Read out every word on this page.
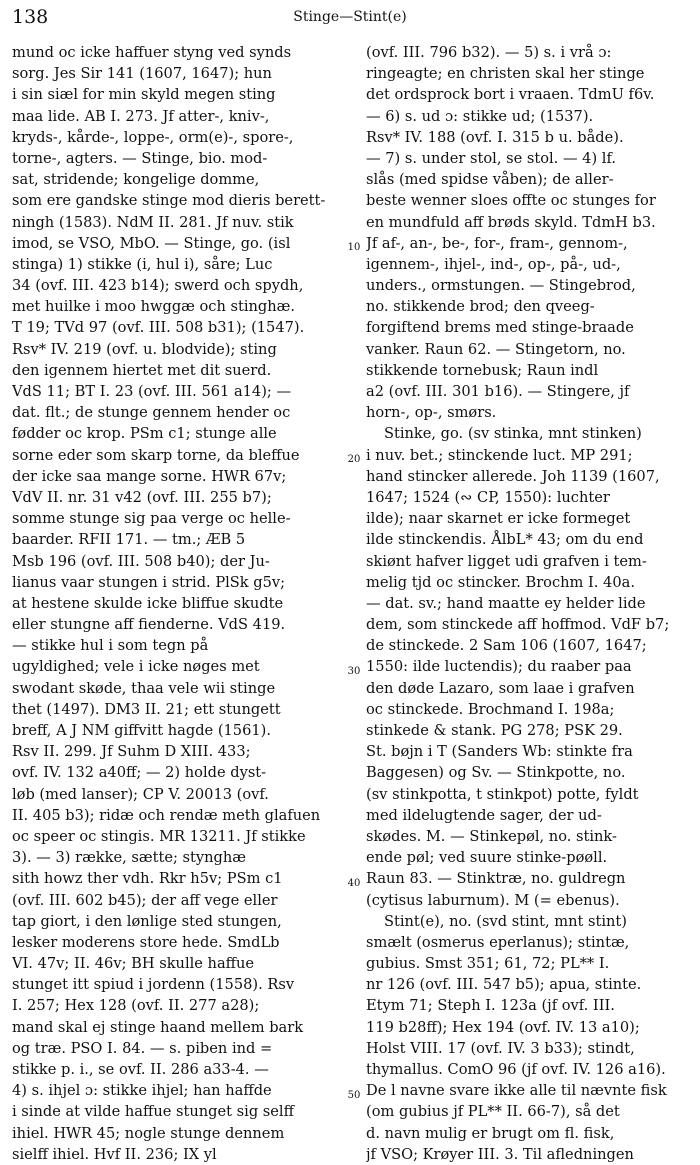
138	Stinge—Stint(e)
mund oc icke haffuer styng ved synds
sorg. Jes Sir 141 (1607, 1647); hun
i sin siæl for min skyld megen sting
maa lide. AB I. 273. Jf atter-, kniv-,
kryds-, kårde-, loppe-, orm(e)-, spore-,
torne-, agters. — Stinge, bio. mod-
sat, stridende; kongelige domme,
som ere gandske stinge mod dieris berett-
ningh (1583). NdM II. 281. Jf nuv. stik
imod, se VSO, MbO. — Stinge, go. (isl
stinga) 1) stikke (i, hul i), såre; Luc
34 (ovf. III. 423 b14); swerd och spydh,
met huilke i moo hwggæ och stinghæ.
T 19; TVd 97 (ovf. III. 508 b31); (1547).
Rsv* IV. 219 (ovf. u. blodvide); sting
den igennem hiertet met dit suerd.
VdS 11; BT I. 23 (ovf. III. 561 a14); —
dat. flt.; de stunge gennem hender oc
fødder oc krop. PSm c1; stunge alle
sorne eder som skarp torne, da bleffue
der icke saa mange sorne. HWR 67v;
VdV II. nr. 31 v42 (ovf. III. 255 b7);
somme stunge sig paa verge oc helle-
baarder. RFII 171. — tm.; ÆB 5
Msb 196 (ovf. III. 508 b40); der Ju-
lianus vaar stungen i strid. PlSk g5v;
at hestene skulde icke bliffue skudte
eller stungne aff fienderne. VdS 419.
— stikke hul i som tegn på
ugyldighed; vele i icke nøges met
swodant skøde, thaa vele wii stinge
thet (1497). DM3 II. 21; ett stungett
breff, A J NM giffvitt hagde (1561).
Rsv II. 299. Jf Suhm D XIII. 433;
ovf. IV. 132 a40ff; — 2) holde dyst-
løb (med lanser); CP V. 20013 (ovf.
II. 405 b3); ridæ och rendæ meth glafuen
oc speer oc stingis. MR 13211. Jf stikke
3). — 3) række, sætte; stynghæ
sith howz ther vdh. Rkr h5v; PSm c1
(ovf. III. 602 b45); der aff vege eller
tap giort, i den lønlige sted stungen,
lesker moderens store hede. SmdLb
VI. 47v; II. 46v; BH skulle haffue
stunget itt spiud i jordenn (1558). Rsv
I. 257; Hex 128 (ovf. II. 277 a28);
mand skal ej stinge haand mellem bark
og træ. PSO I. 84. — s. piben ind =
stikke p. i., se ovf. II. 286 a33-4. —
4) s. ihjel ɔ: stikke ihjel; han haffde
i sinde at vilde haffue stunget sig selff
ihiel. HWR 45; nogle stunge dennem
sielff ihiel. Hvf II. 236; IX yl
10
20
30
40
50
(ovf. III. 796 b32). — 5) s. i vrå ɔ:
ringeagte; en christen skal her stinge
det ordsprock bort i vraaen. TdmU f6v.
— 6) s. ud ɔ: stikke ud; (1537).
Rsv* IV. 188 (ovf. I. 315 b u. både).
— 7) s. under stol, se stol. — 4) lf.
slås (med spidse våben); de aller-
beste wenner sloes offte oc stunges for
en mundfuld aff brøds skyld. TdmH b3.
Jf af-, an-, be-, for-, fram-, gennom-,
igennem-, ihjel-, ind-, op-, på-, ud-,
unders., ormstungen. — Stingebrod,
no. stikkende brod; den qveeg-
forgiftend brems med stinge-braade
vanker. Raun 62. — Stingetorn, no.
stikkende tornebusk; Raun indl
a2 (ovf. III. 301 b16). — Stingere, jf
horn-, op-, smørs.
Stinke, go. (sv stinka, mnt stinken)
i nuv. bet.; stinckende luct. MP 291;
hand stincker allerede. Joh 1139 (1607,
1647; 1524 (∾ CP, 1550): luchter
ilde); naar skarnet er icke formeget
ilde stinckendis. ÅlbL* 43; om du end
skiønt hafver ligget udi grafven i tem-
melig tjd oc stincker. Brochm I. 40a.
— dat. sv.; hand maatte ey helder lide
dem, som stinckede aff hoffmod. VdF b7;
de stinckede. 2 Sam 106 (1607, 1647;
1550: ilde luctendis); du raaber paa
den døde Lazaro, som laae i grafven
oc stinckede. Brochmand I. 198a;
stinkede & stank. PG 278; PSK 29.
St. bøjn i T (Sanders Wb: stinkte fra
Baggesen) og Sv. — Stinkpotte, no.
(sv stinkpotta, t stinkpot) potte, fyldt
med ildelugtende sager, der ud-
skødes. M. — Stinkepøl, no. stink-
ende pøl; ved suure stinke-pøøll.
Raun 83. — Stinktræ, no. guldregn
(cytisus laburnum). M (= ebenus).
Stint(e), no. (svd stint, mnt stint)
smælt (osmerus eperlanus); stintæ,
gubius. Smst 351; 61, 72; PL** I.
nr 126 (ovf. III. 547 b5); apua, stinte.
Etym 71; Steph I. 123a (jf ovf. III.
119 b28ff); Hex 194 (ovf. IV. 13 a10);
Holst VIII. 17 (ovf. IV. 3 b33); stindt,
thymallus. ComO 96 (jf ovf. IV. 126 a16).
De l navne svare ikke alle til nævnte fisk
(om gubius jf PL** II. 66-7), så det
d. navn mulig er brugt om fl. fisk,
jf VSO; Krøyer III. 3. Til afledningen
